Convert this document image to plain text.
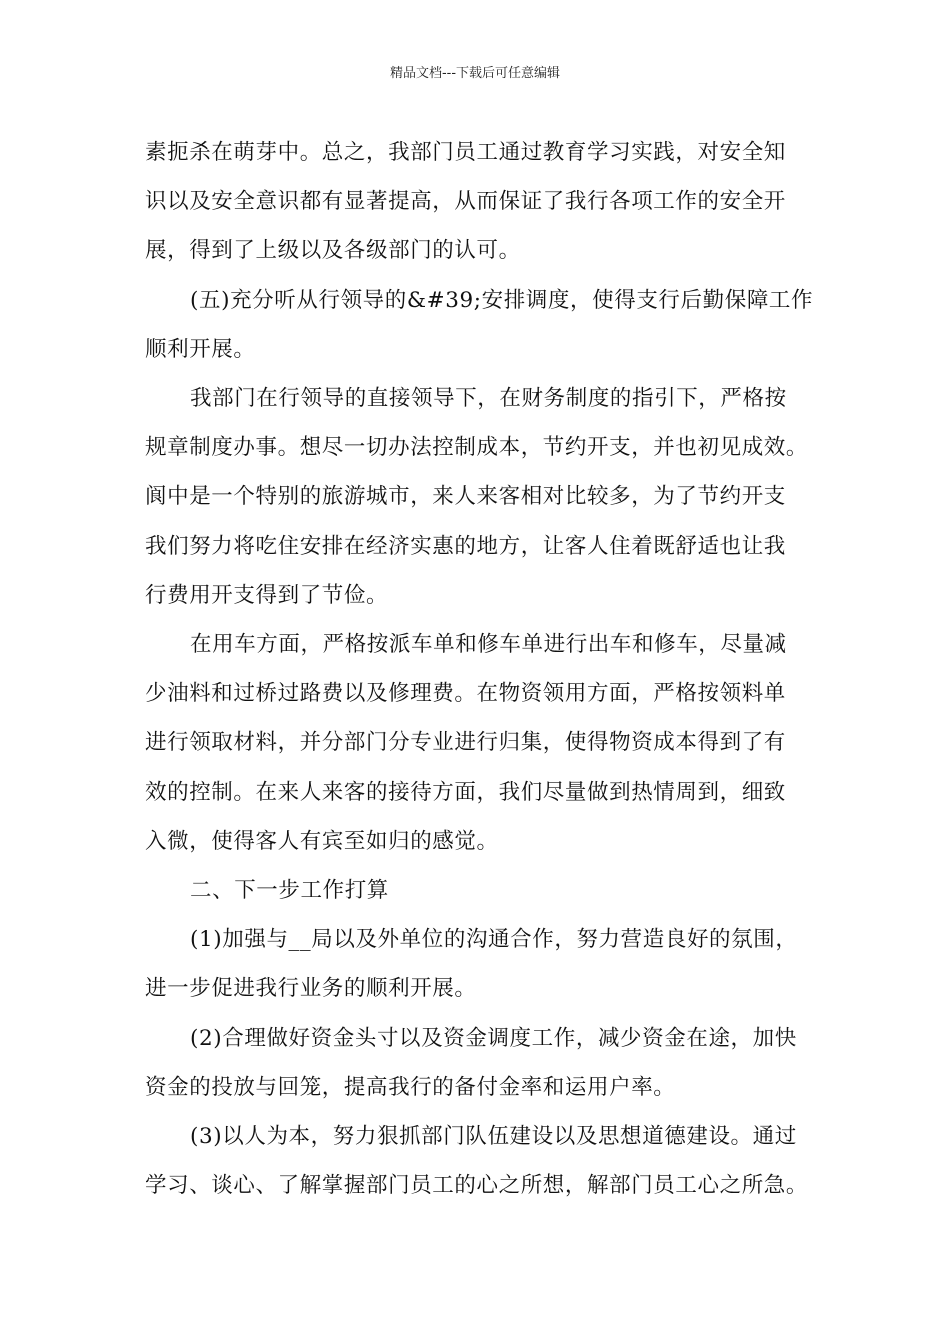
精品文档---下载后可任意编辑

素扼杀在萌芽中。总之，我部门员工通过教育学习实践，对安全知
识以及安全意识都有显著提高，从而保证了我行各项工作的安全开
展，得到了上级以及各级部门的认可。

(五)充分听从行领导的&#39;安排调度，使得支行后勤保障工作
顺利开展。

我部门在行领导的直接领导下，在财务制度的指引下，严格按
规章制度办事。想尽一切办法控制成本，节约开支，并也初见成效。
阆中是一个特别的旅游城市，来人来客相对比较多，为了节约开支
我们努力将吃住安排在经济实惠的地方，让客人住着既舒适也让我
行费用开支得到了节俭。

在用车方面，严格按派车单和修车单进行出车和修车，尽量减
少油料和过桥过路费以及修理费。在物资领用方面，严格按领料单
进行领取材料，并分部门分专业进行归集，使得物资成本得到了有
效的控制。在来人来客的接待方面，我们尽量做到热情周到，细致
入微，使得客人有宾至如归的感觉。

二、下一步工作打算

(1)加强与__局以及外单位的沟通合作，努力营造良好的氛围，
进一步促进我行业务的顺利开展。

(2)合理做好资金头寸以及资金调度工作，减少资金在途，加快
资金的投放与回笼，提高我行的备付金率和运用户率。

(3)以人为本，努力狠抓部门队伍建设以及思想道德建设。通过
学习、谈心、了解掌握部门员工的心之所想，解部门员工心之所急。
